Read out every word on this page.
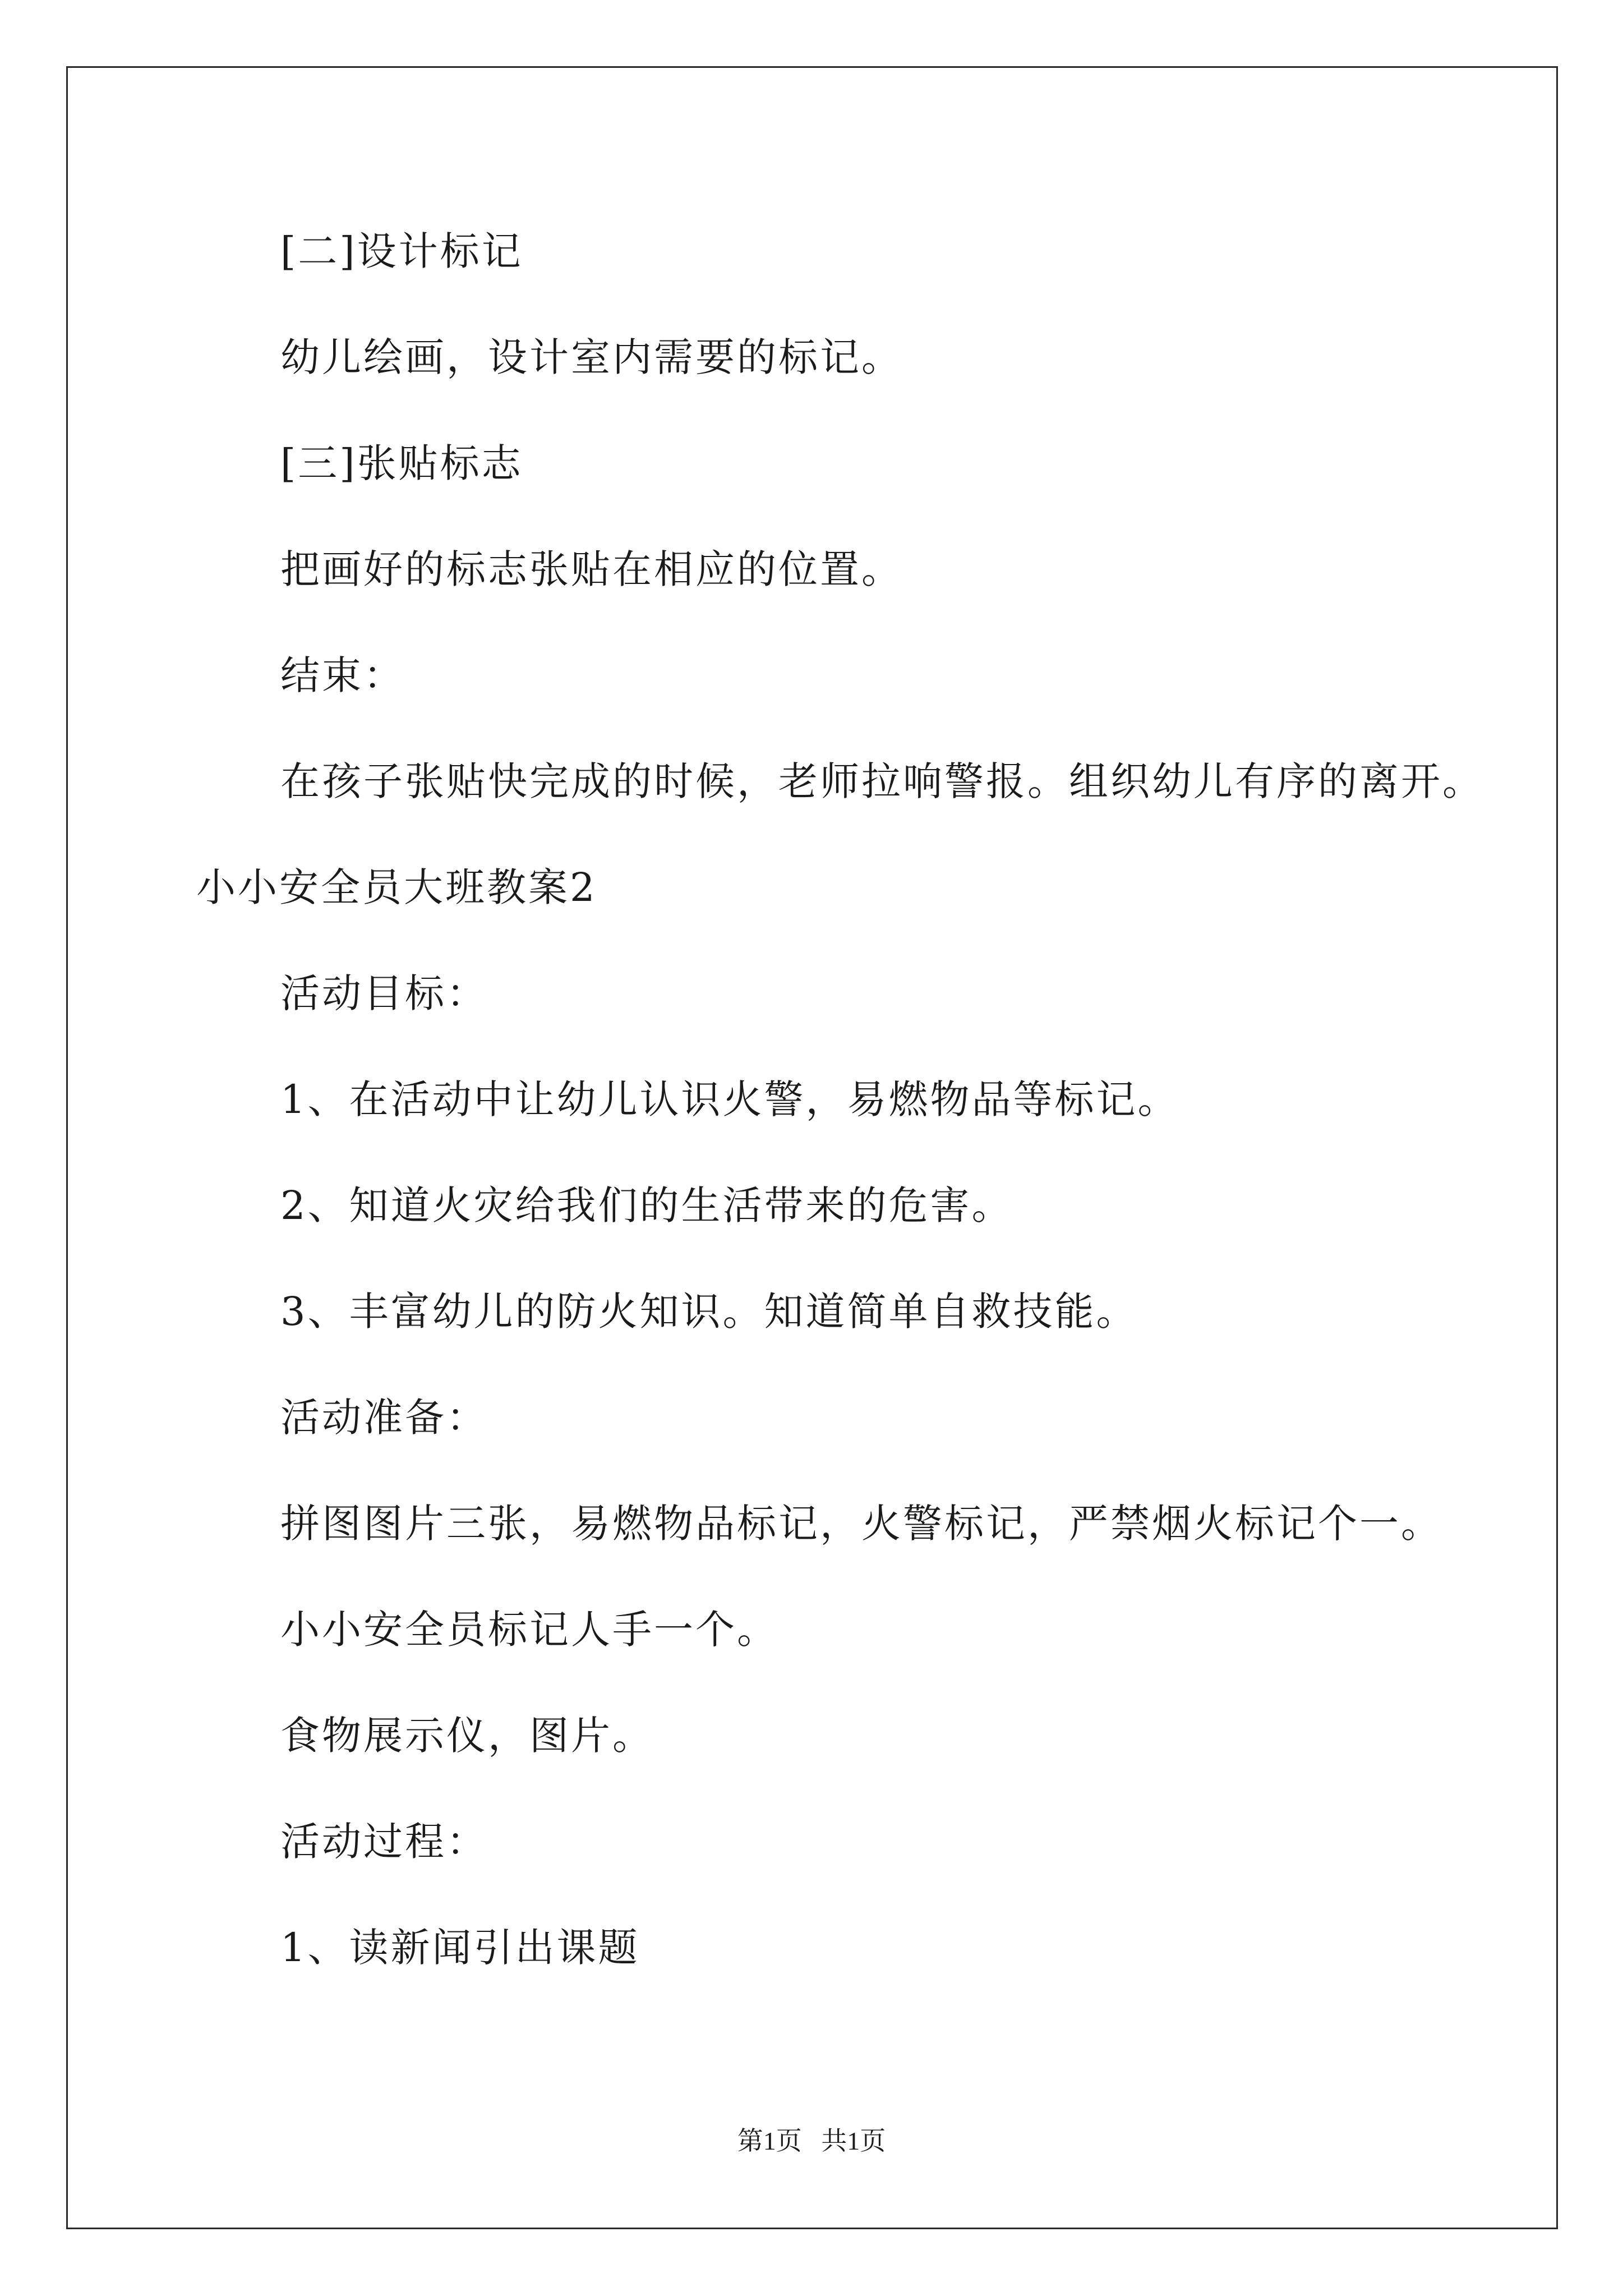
[二]设计标记
幼儿绘画，设计室内需要的标记。
[三]张贴标志
把画好的标志张贴在相应的位置。
结束：
在孩子张贴快完成的时候，老师拉响警报。组织幼儿有序的离开。
小小安全员大班教案2
活动目标：
1、在活动中让幼儿认识火警，易燃物品等标记。
2、知道火灾给我们的生活带来的危害。
3、丰富幼儿的防火知识。知道简单自救技能。
活动准备：
拼图图片三张，易燃物品标记，火警标记，严禁烟火标记个一。
小小安全员标记人手一个。
食物展示仪，图片。
活动过程：
1、读新闻引出课题
第1页   共1页
